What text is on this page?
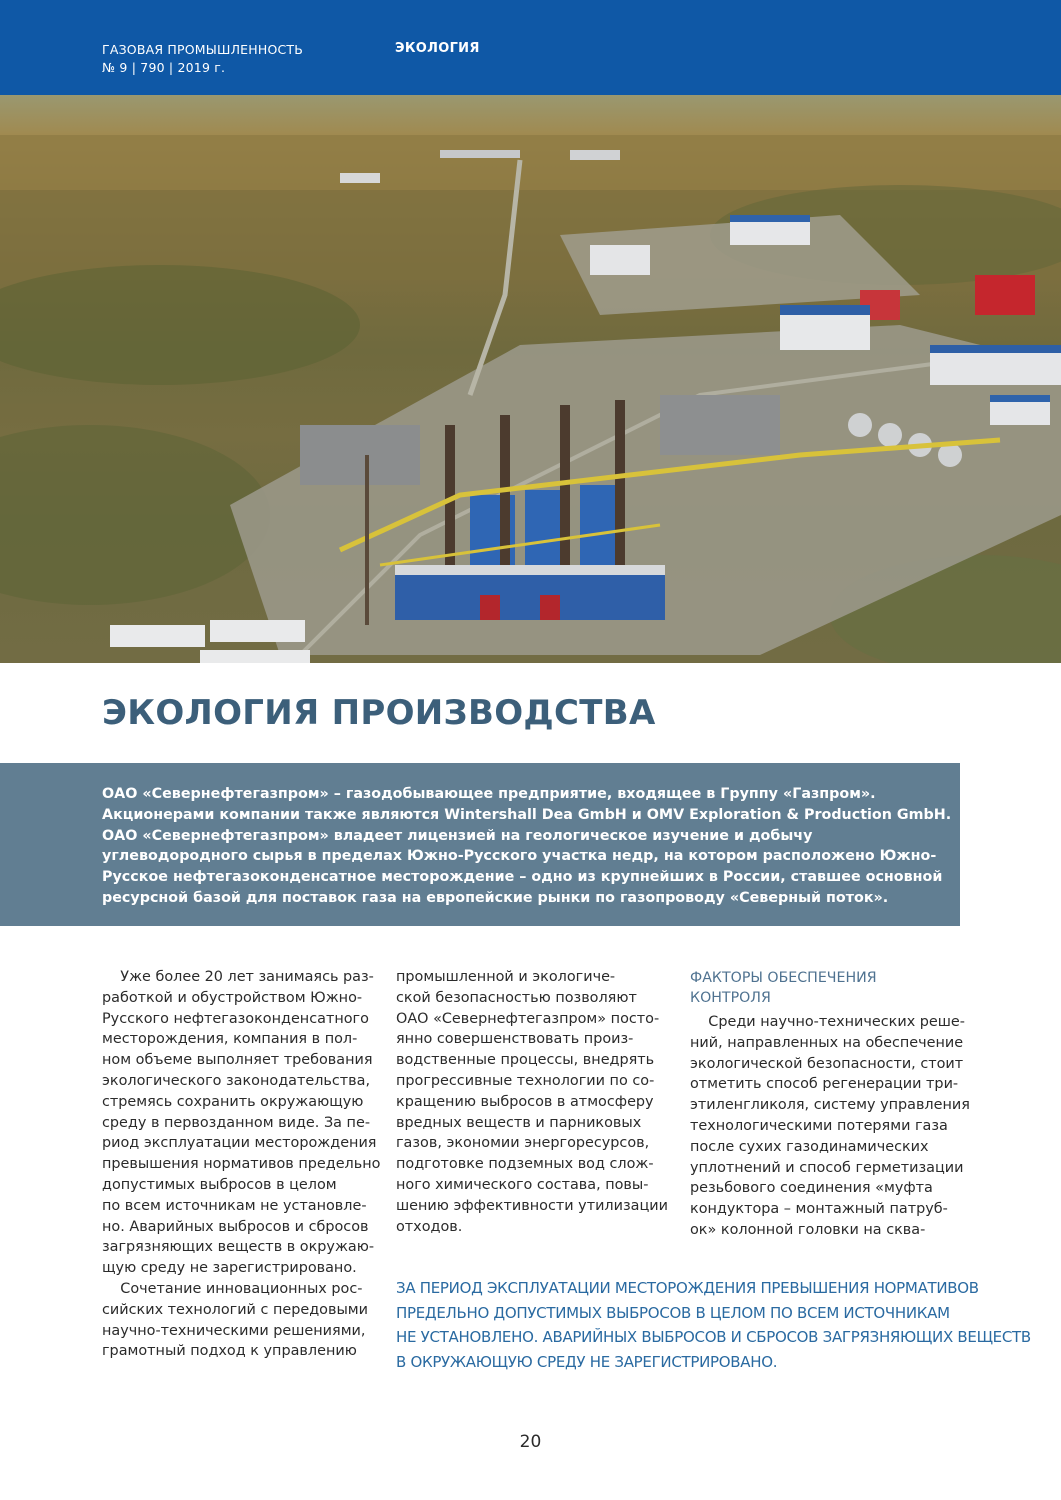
ГАЗОВАЯ ПРОМЫШЛЕННОСТЬ
№ 9 | 790 | 2019 г.
ЭКОЛОГИЯ
ЭКОЛОГИЯ ПРОИЗВОДСТВА
ОАО «Севернефтегазпром» – газодобывающее предприятие, входящее в Группу «Газпром».
Акционерами компании также являются Wintershall Dea GmbH и OMV Exploration & Production GmbH.
ОАО «Севернефтегазпром» владеет лицензией на геологическое изучение и добычу
углеводородного сырья в пределах Южно-Русского участка недр, на котором расположено Южно-
Русское нефтегазоконденсатное месторождение – одно из крупнейших в России, ставшее основной
ресурсной базой для поставок газа на европейские рынки по газопроводу «Северный поток».
Уже более 20 лет занимаясь раз-
работкой и обустройством Южно-
Русского нефтегазоконденсатного
месторождения, компания в пол-
ном объеме выполняет требования
экологического законодательства,
стремясь сохранить окружающую
среду в первозданном виде. За пе-
риод эксплуатации месторождения
превышения нормативов предельно
допустимых выбросов в целом
по всем источникам не установле-
но. Аварийных выбросов и сбросов
загрязняющих веществ в окружаю-
щую среду не зарегистрировано.
Сочетание инновационных рос-
сийских технологий с передовыми
научно-техническими решениями,
грамотный подход к управлению
промышленной и экологиче-
ской безопасностью позволяют
ОАО «Севернефтегазпром» посто-
янно совершенствовать произ-
водственные процессы, внедрять
прогрессивные технологии по со-
кращению выбросов в атмосферу
вредных веществ и парниковых
газов, экономии энергоресурсов,
подготовке подземных вод слож-
ного химического состава, повы-
шению эффективности утилизации
отходов.
ФАКТОРЫ ОБЕСПЕЧЕНИЯ
КОНТРОЛЯ
Среди научно-технических реше-
ний, направленных на обеспечение
экологической безопасности, стоит
отметить способ регенерации три-
этиленгликоля, систему управления
технологическими потерями газа
после сухих газодинамических
уплотнений и способ герметизации
резьбового соединения «муфта
кондуктора – монтажный патруб-
ок» колонной головки на сква-
ЗА ПЕРИОД ЭКСПЛУАТАЦИИ МЕСТОРОЖДЕНИЯ ПРЕВЫШЕНИЯ НОРМАТИВОВ
ПРЕДЕЛЬНО ДОПУСТИМЫХ ВЫБРОСОВ В ЦЕЛОМ ПО ВСЕМ ИСТОЧНИКАМ
НЕ УСТАНОВЛЕНО. АВАРИЙНЫХ ВЫБРОСОВ И СБРОСОВ ЗАГРЯЗНЯЮЩИХ ВЕЩЕСТВ
В ОКРУЖАЮЩУЮ СРЕДУ НЕ ЗАРЕГИСТРИРОВАНО.
20
